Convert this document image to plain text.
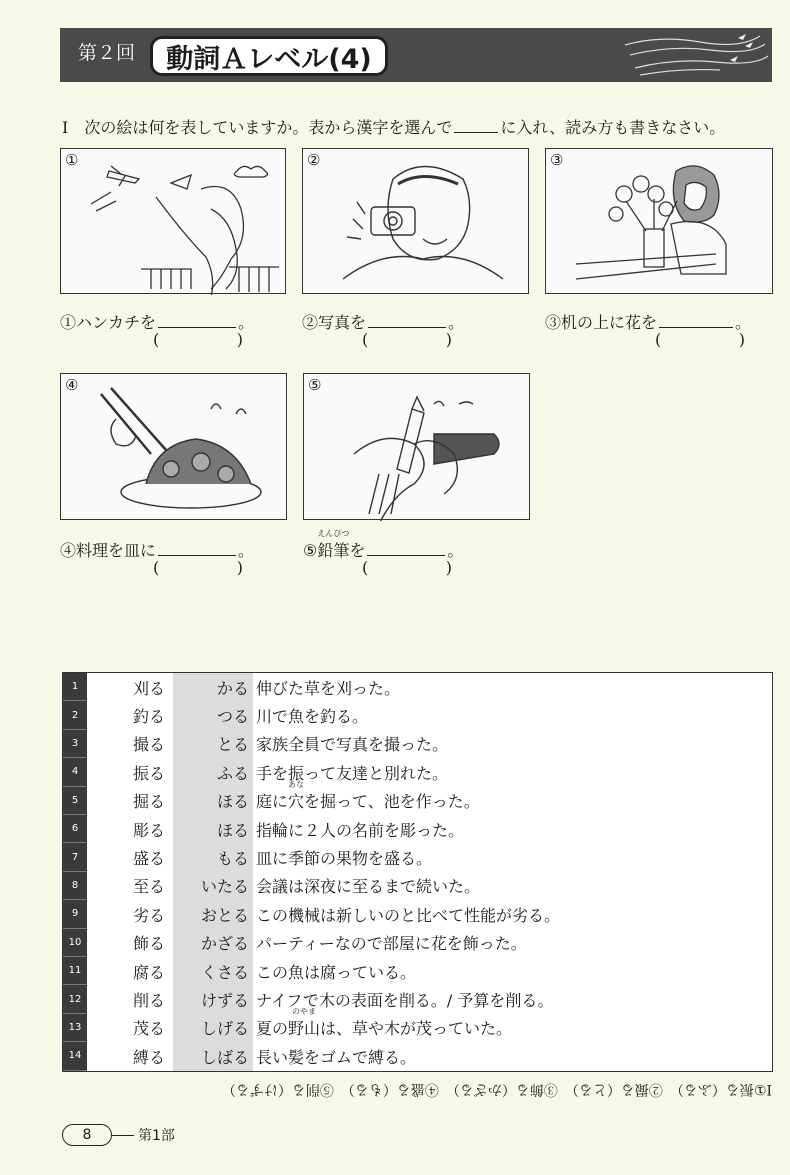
第２回	動詞Ａレベル(4)
Ⅰ　次の絵は何を表していますか。表から漢字を選んで	に入れ、読み方も書きなさい。
①
①ハンカチを	。
(	)
②
②写真を	。
(	)
③
③机の上に花を	。
(	)
④
④料理を皿に	。
(	)
⑤
⑤
えんぴつ
鉛筆を	。
(	)
1	刈る	かる 伸びた草を刈った。
2	釣る	つる 川で魚を釣る。
3	撮る	とる 家族全員で写真を撮った。
4	振る	ふる 手を振って友達と別れた。
5	掘る	ほる 庭に
あな
穴を掘って、池を作った。
6	彫る	ほる 指輪に２人の名前を彫った。
7	盛る	もる 皿に季節の果物を盛る。
8	至る	いたる 会議は深夜に至るまで続いた。
9	劣る	おとる この機械は新しいのと比べて性能が劣る。
10	飾る	かざる パーティーなので部屋に花を飾った。
11	腐る	くさる この魚は腐っている。
12	削る	けずる ナイフで木の表面を削る。/ 予算を削る。
13	茂る	しげる 夏の
のやま
野山は、草や木が茂っていた。
14	縛る	しばる 長い髪をゴムで縛る。
Ⅰ①振る（ふる）　②撮る（とる）　③飾る（かざる）　④盛る（もる）　⑤削る（けずる）
8	第1部
